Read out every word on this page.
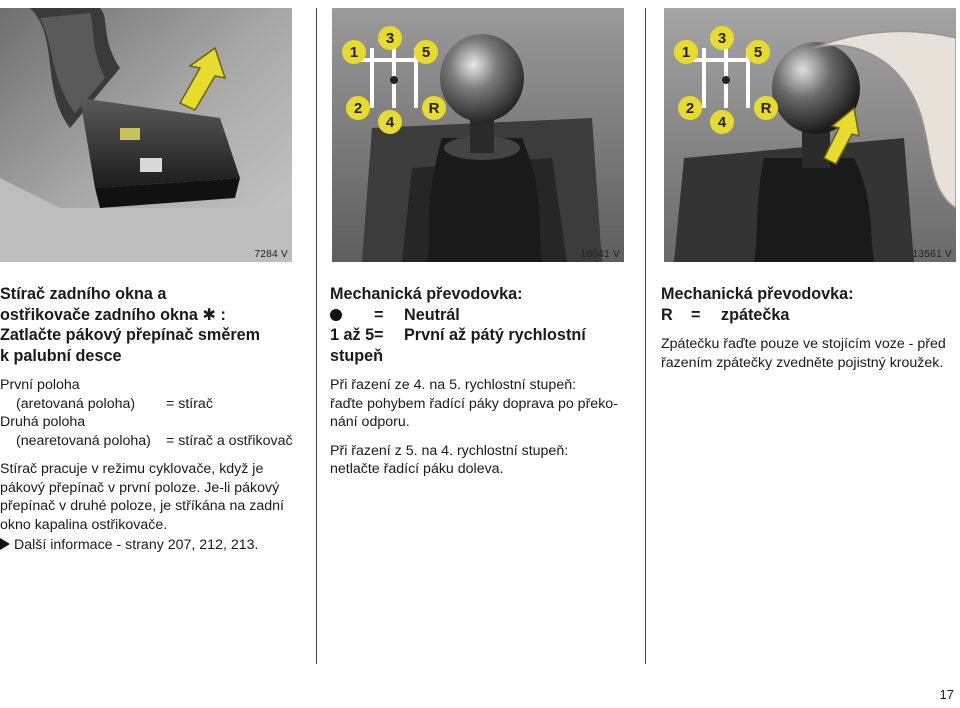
7284 V
1
3
5
2
4
R
10041 V
1
3
5
2
4
R
13561 V
Stírač zadního okna a
ostřikovače zadního okna ✱ :
Zatlačte pákový přepínač směrem
k palubní desce
První poloha
(aretovaná poloha)	= stírač
Druhá poloha
(nearetovaná poloha)	= stírač a ostřikovač
Stírač pracuje v režimu cyklovače, když je
pákový přepínač v první poloze. Je-li pákový
přepínač v druhé poloze, je stříkána na zadní
okno kapalina ostřikovače.
Další informace - strany 207, 212, 213.
Mechanická převodovka:
= Neutrál
1 až 5= První až pátý rychlostní
stupeň
Při řazení ze 4. na 5. rychlostní stupeň:
řaďte pohybem řadící páky doprava po překo-
nání odporu.
Při řazení z 5. na 4. rychlostní stupeň:
netlačte řadící páku doleva.
Mechanická převodovka:
R = zpátečka
Zpátečku řaďte pouze ve stojícím voze - před
řazením zpátečky zvedněte pojistný kroužek.
17
